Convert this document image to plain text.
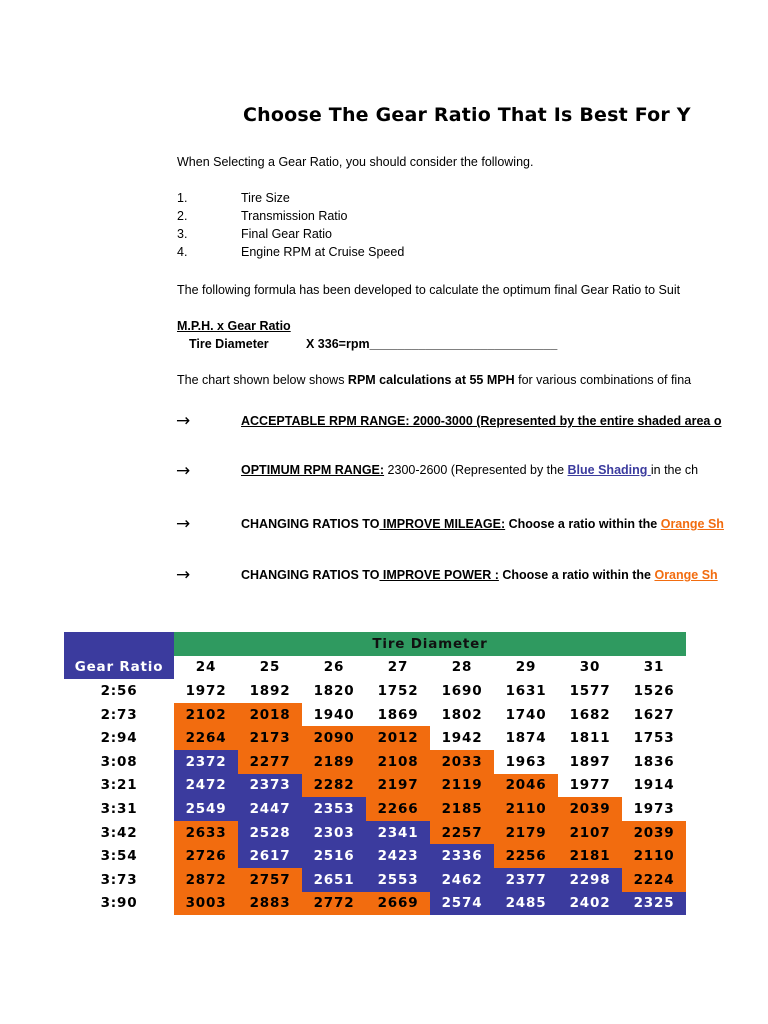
Choose The Gear Ratio That Is Best For Y
When Selecting a Gear Ratio, you should consider the following.
1.	Tire Size
2.	Transmission Ratio
3.	Final Gear Ratio
4.	Engine RPM at Cruise Speed
The following formula has been developed to calculate the optimum final Gear Ratio to Suit
M.P.H. x Gear Ratio
Tire Diameter	X 336=rpm___________________________
The chart shown below shows RPM calculations at 55 MPH for various combinations of fina
→	ACCEPTABLE RPM RANGE: 2000-3000 (Represented by the entire shaded area o
→	OPTIMUM RPM RANGE: 2300-2600 (Represented by the Blue Shading in the ch
→	CHANGING RATIOS TO IMPROVE MILEAGE: Choose a ratio within the Orange Sh
→	CHANGING RATIOS TO IMPROVE POWER : Choose a ratio within the Orange Sh
	Tire Diameter							
Gear Ratio	24	25	26	27	28	29	30	31
2:56	1972	1892	1820	1752	1690	1631	1577	1526
2:73	2102	2018	1940	1869	1802	1740	1682	1627
2:94	2264	2173	2090	2012	1942	1874	1811	1753
3:08	2372	2277	2189	2108	2033	1963	1897	1836
3:21	2472	2373	2282	2197	2119	2046	1977	1914
3:31	2549	2447	2353	2266	2185	2110	2039	1973
3:42	2633	2528	2303	2341	2257	2179	2107	2039
3:54	2726	2617	2516	2423	2336	2256	2181	2110
3:73	2872	2757	2651	2553	2462	2377	2298	2224
3:90	3003	2883	2772	2669	2574	2485	2402	2325
